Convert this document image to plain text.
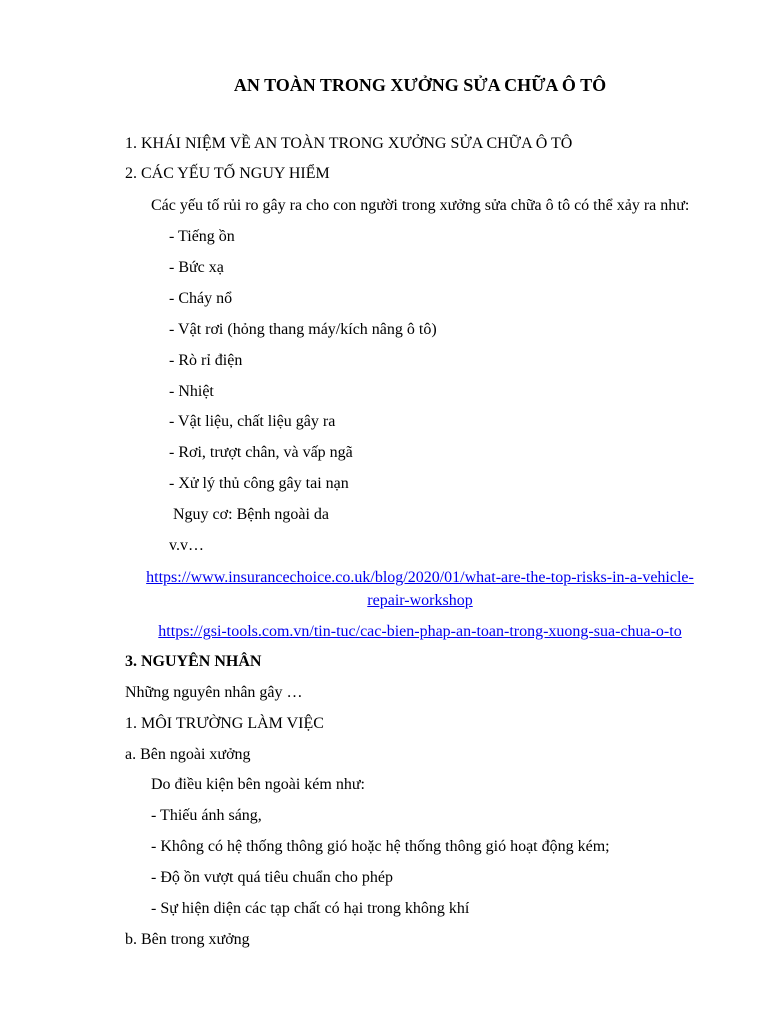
AN TOÀN TRONG XƯỞNG SỬA CHỮA Ô TÔ
1. KHÁI NIỆM VỀ AN TOÀN TRONG XƯỞNG SỬA CHỮA Ô TÔ
2. CÁC YẾU TỐ NGUY HIỂM
Các yếu tố rủi ro gây ra cho con người trong xưởng sửa chữa ô tô có thể xảy ra như:
- Tiếng ồn
- Bức xạ
- Cháy nổ
- Vật rơi (hỏng thang máy/kích nâng ô tô)
- Rò rỉ điện
- Nhiệt
- Vật liệu, chất liệu gây ra
- Rơi, trượt chân, và vấp ngã
- Xử lý thủ công gây tai nạn
Nguy cơ: Bệnh ngoài da
v.v…
https://www.insurancechoice.co.uk/blog/2020/01/what-are-the-top-risks-in-a-vehicle-
repair-workshop
https://gsi-tools.com.vn/tin-tuc/cac-bien-phap-an-toan-trong-xuong-sua-chua-o-to
3. NGUYÊN NHÂN
Những nguyên nhân gây …
1. MÔI TRƯỜNG LÀM VIỆC
a. Bên ngoài xưởng
Do điều kiện bên ngoài kém như:
- Thiếu ánh sáng,
- Không có hệ thống thông gió hoặc hệ thống thông gió hoạt động kém;
- Độ ồn vượt quá tiêu chuẩn cho phép
- Sự hiện diện các tạp chất có hại trong không khí
b. Bên trong xưởng
